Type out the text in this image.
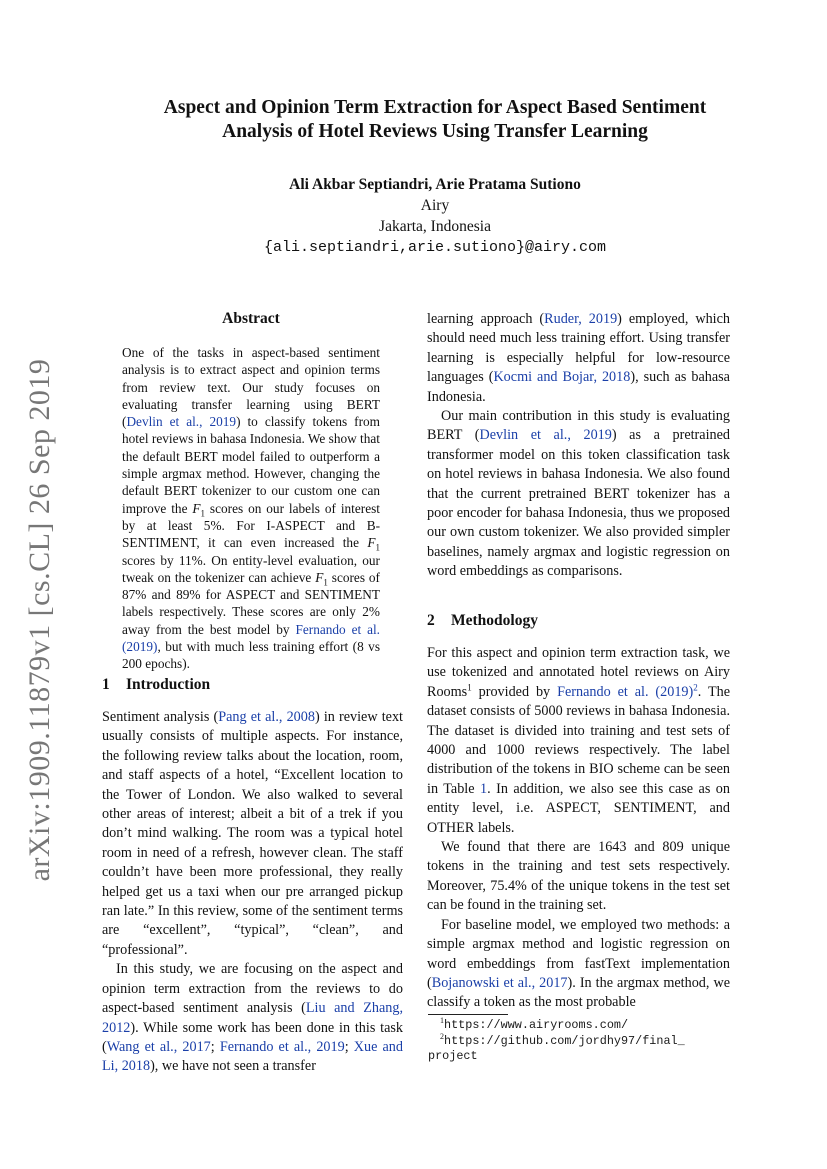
arXiv:1909.11879v1 [cs.CL] 26 Sep 2019
Aspect and Opinion Term Extraction for Aspect Based Sentiment
Analysis of Hotel Reviews Using Transfer Learning
Ali Akbar Septiandri, Arie Pratama Sutiono
Airy
Jakarta, Indonesia
{ali.septiandri,arie.sutiono}@airy.com
Abstract
One of the tasks in aspect-based sentiment analysis is to extract aspect and opinion terms from review text. Our study focuses on evaluating transfer learning using BERT (Devlin et al., 2019) to classify tokens from hotel reviews in bahasa Indonesia. We show that the default BERT model failed to outperform a simple argmax method. However, changing the default BERT tokenizer to our custom one can improve the $F_1$ scores on our labels of interest by at least 5%. For I-ASPECT and B-SENTIMENT, it can even increased the $F_1$ scores by 11%. On entity-level evaluation, our tweak on the tokenizer can achieve $F_1$ scores of 87% and 89% for ASPECT and SENTIMENT labels respectively. These scores are only 2% away from the best model by Fernando et al. (2019), but with much less training effort (8 vs 200 epochs).
1 Introduction

Sentiment analysis (Pang et al., 2008) in review text usually consists of multiple aspects. For instance, the following review talks about the location, room, and staff aspects of a hotel, “Excellent location to the Tower of London. We also walked to several other areas of interest; albeit a bit of a trek if you don’t mind walking. The room was a typical hotel room in need of a refresh, however clean. The staff couldn’t have been more professional, they really helped get us a taxi when our pre arranged pickup ran late.” In this review, some of the sentiment terms are “excellent”, “typical”, “clean”, and “professional”.

In this study, we are focusing on the aspect and opinion term extraction from the reviews to do aspect-based sentiment analysis (Liu and Zhang, 2012). While some work has been done in this task (Wang et al., 2017; Fernando et al., 2019; Xue and Li, 2018), we have not seen a transfer

learning approach (Ruder, 2019) employed, which should need much less training effort. Using transfer learning is especially helpful for low-resource languages (Kocmi and Bojar, 2018), such as bahasa Indonesia.

Our main contribution in this study is evaluating BERT (Devlin et al., 2019) as a pretrained transformer model on this token classification task on hotel reviews in bahasa Indonesia. We also found that the current pretrained BERT tokenizer has a poor encoder for bahasa Indonesia, thus we proposed our own custom tokenizer. We also provided simpler baselines, namely argmax and logistic regression on word embeddings as comparisons.

2 Methodology

For this aspect and opinion term extraction task, we use tokenized and annotated hotel reviews on Airy Rooms$^1$ provided by Fernando et al. (2019)$^2$. The dataset consists of 5000 reviews in bahasa Indonesia. The dataset is divided into training and test sets of 4000 and 1000 reviews respectively. The label distribution of the tokens in BIO scheme can be seen in Table 1. In addition, we also see this case as on entity level, i.e. ASPECT, SENTIMENT, and OTHER labels.

We found that there are 1643 and 809 unique tokens in the training and test sets respectively. Moreover, 75.4% of the unique tokens in the test set can be found in the training set.

For baseline model, we employed two methods: a simple argmax method and logistic regression on word embeddings from fastText implementation (Bojanowski et al., 2017). In the argmax method, we classify a token as the most probable

$^1$https://www.airyrooms.com/
$^2$https://github.com/jordhy97/final_
project
